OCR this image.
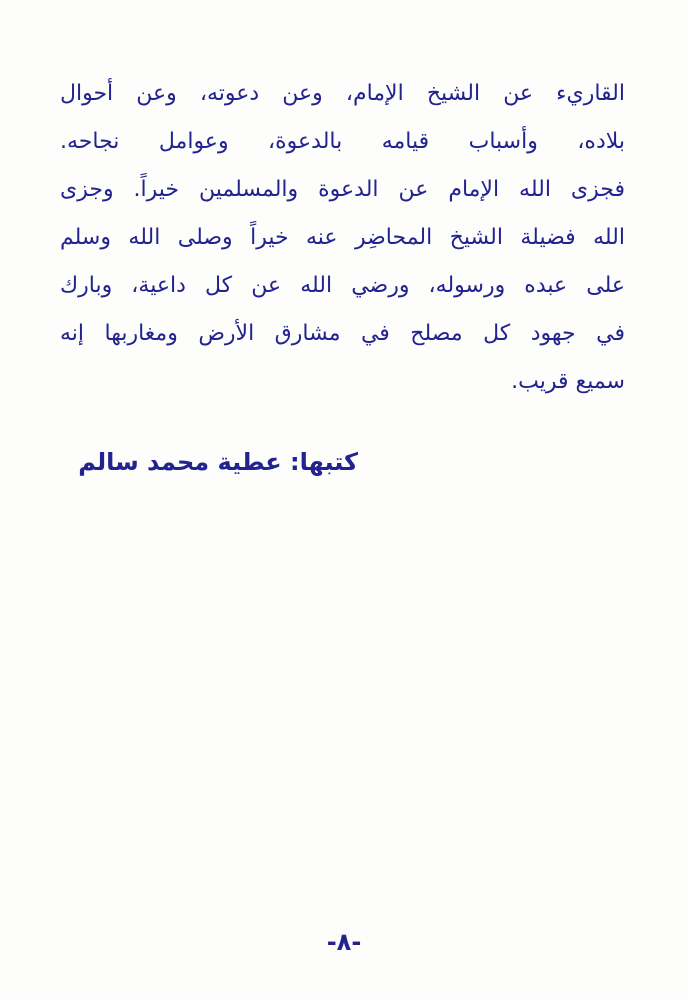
القاريء عن الشيخ الإمام، وعن دعوته، وعن أحوال
بلاده، وأسباب قيامه بالدعوة، وعوامل نجاحه.
فجزى الله الإمام عن الدعوة والمسلمين خيراً. وجزى
الله فضيلة الشيخ المحاضِر عنه خيراً وصلى الله وسلم
على عبده ورسوله، ورضي الله عن كل داعية، وبارك
في جهود كل مصلح في مشارق الأرض ومغاربها إنه
سميع قريب.
كتبها: عطية محمد سالم
-٨-
